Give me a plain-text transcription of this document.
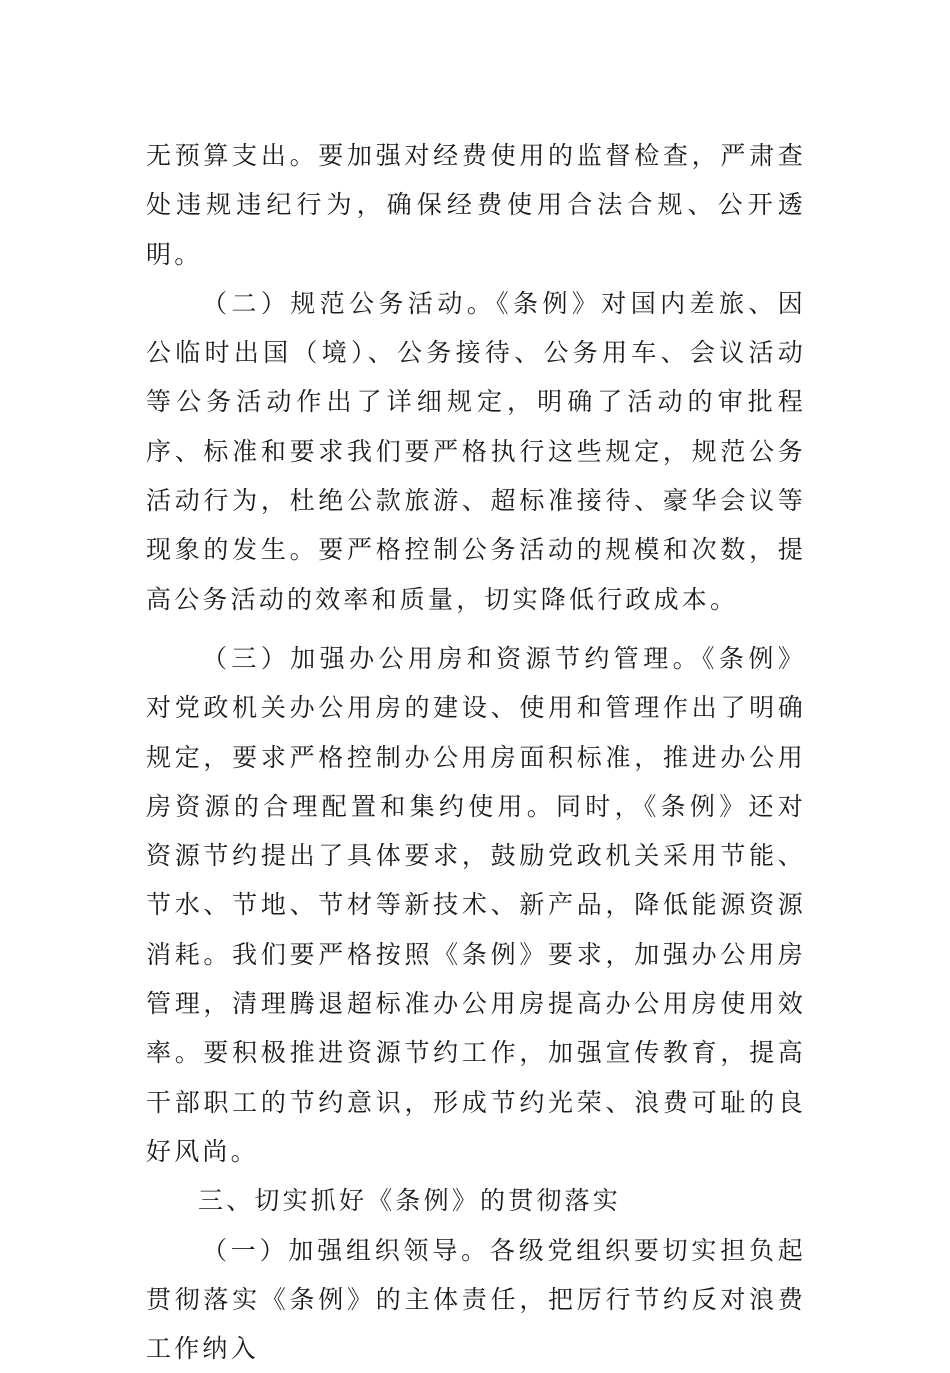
无预算支出。要加强对经费使用的监督检查，严肃查处违规违纪行为，确保经费使用合法合规、公开透明。

（二）规范公务活动。《条例》对国内差旅、因公临时出国（境）、公务接待、公务用车、会议活动等公务活动作出了详细规定，明确了活动的审批程序、标准和要求我们要严格执行这些规定，规范公务活动行为，杜绝公款旅游、超标准接待、豪华会议等现象的发生。要严格控制公务活动的规模和次数，提高公务活动的效率和质量，切实降低行政成本。

（三）加强办公用房和资源节约管理。《条例》对党政机关办公用房的建设、使用和管理作出了明确规定，要求严格控制办公用房面积标准，推进办公用房资源的合理配置和集约使用。同时，《条例》还对资源节约提出了具体要求，鼓励党政机关采用节能、节水、节地、节材等新技术、新产品，降低能源资源消耗。我们要严格按照《条例》要求，加强办公用房管理，清理腾退超标准办公用房提高办公用房使用效率。要积极推进资源节约工作，加强宣传教育，提高干部职工的节约意识，形成节约光荣、浪费可耻的良好风尚。

三、切实抓好《条例》的贯彻落实

（一）加强组织领导。各级党组织要切实担负起贯彻落实《条例》的主体责任，把厉行节约反对浪费工作纳入
